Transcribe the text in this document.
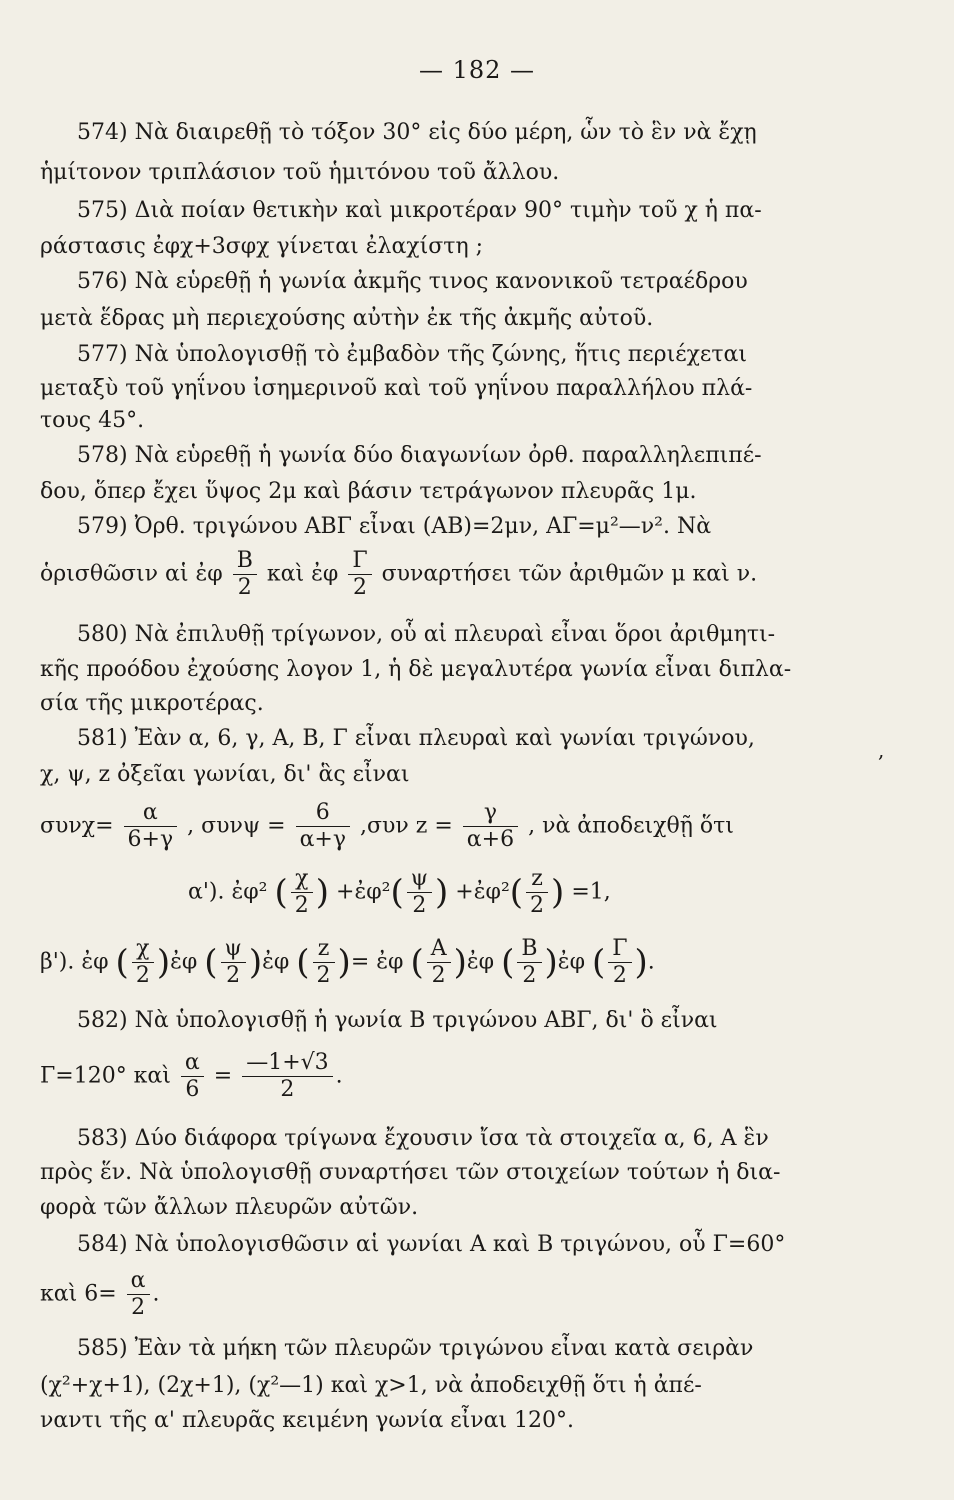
— 182 —
574) Νὰ διαιρεθῇ τὸ τόξον 30° εἰς δύο μέρη, ὧν τὸ ἓν νὰ ἔχῃ
ἡμίτονον τριπλάσιον τοῦ ἡμιτόνου τοῦ ἄλλου.
575) Διὰ ποίαν θετικὴν καὶ μικροτέραν 90° τιμὴν τοῦ χ ἡ πα-
ράστασις ἐφχ+3σφχ γίνεται ἐλαχίστη ;
576) Νὰ εὑρεθῇ ἡ γωνία ἀκμῆς τινος κανονικοῦ τετραέδρου
μετὰ ἕδρας μὴ περιεχούσης αὐτὴν ἐκ τῆς ἀκμῆς αὐτοῦ.
577) Νὰ ὑπολογισθῇ τὸ ἐμβαδὸν τῆς ζώνης, ἥτις περιέχεται
μεταξὺ τοῦ γηΐνου ἰσημερινοῦ καὶ τοῦ γηΐνου παραλλήλου πλά-
τους 45°.
578) Νὰ εὑρεθῇ ἡ γωνία δύο διαγωνίων ὀρθ. παραλληλεπιπέ-
δου, ὅπερ ἔχει ὕψος 2μ καὶ βάσιν τετράγωνον πλευρᾶς 1μ.
579) Ὀρθ. τριγώνου ΑΒΓ εἶναι (ΑΒ)=2μν, ΑΓ=μ²—ν². Νὰ
ὁρισθῶσιν αἱ ἐφ $\frac{B}{2}$ καὶ ἐφ $\frac{\Gamma}{2}$ συναρτήσει τῶν ἀριθμῶν μ καὶ ν.
580) Νὰ ἐπιλυθῇ τρίγωνον, οὗ αἱ πλευραὶ εἶναι ὅροι ἀριθμητι-
κῆς προόδου ἐχούσης λογον 1, ἡ δὲ μεγαλυτέρα γωνία εἶναι διπλα-
σία τῆς μικροτέρας.
581) Ἐὰν α, 6, γ, Α, Β, Γ εἶναι πλευραὶ καὶ γωνίαι τριγώνου,
χ, ψ, z ὀξεῖαι γωνίαι, δι' ἃς εἶναι
,
$\sigma\upsilon\nu\chi= \frac{\alpha}{6+\gamma}$ , $\sigma\upsilon\nu\psi = \frac{6}{\alpha+\gamma} ,\sigma\upsilon\nu$ $z = \frac{\gamma}{\alpha+6}$ , νὰ ἀποδειχθῇ ὅτι
α'). ἐφ² ( $\frac{\chi}{2}$ ) +ἐφ²( $\frac{\psi}{2}$ ) +ἐφ²( $\frac{z}{2}$ ) =1,
β'). ἐφ ( $\frac{\chi}{2}$ )ἐφ ( $\frac{\psi}{2}$ )ἐφ ( $\frac{z}{2}$ )= ἐφ ( $\frac{A}{2}$ )ἐφ ( $\frac{B}{2}$ )ἐφ ( $\frac{\Gamma}{2}$ ).
582) Νὰ ὑπολογισθῇ ἡ γωνία Β τριγώνου ΑΒΓ, δι' ὃ εἶναι
Γ=120° καὶ $\frac{\alpha}{6} = \frac{—1+√3}{2}$ .
583) Δύο διάφορα τρίγωνα ἔχουσιν ἴσα τὰ στοιχεῖα α, 6, Α ἓν
πρὸς ἕν. Νὰ ὑπολογισθῇ συναρτήσει τῶν στοιχείων τούτων ἡ δια-
φορὰ τῶν ἄλλων πλευρῶν αὐτῶν.
584) Νὰ ὑπολογισθῶσιν αἱ γωνίαι Α καὶ Β τριγώνου, οὗ Γ=60°
καὶ $6= \frac{\alpha}{2}$ .
585) Ἐὰν τὰ μήκη τῶν πλευρῶν τριγώνου εἶναι κατὰ σειρὰν
(χ²+χ+1), (2χ+1), (χ²—1) καὶ χ>1, νὰ ἀποδειχθῇ ὅτι ἡ ἀπέ-
ναντι τῆς α' πλευρᾶς κειμένη γωνία εἶναι 120°.
